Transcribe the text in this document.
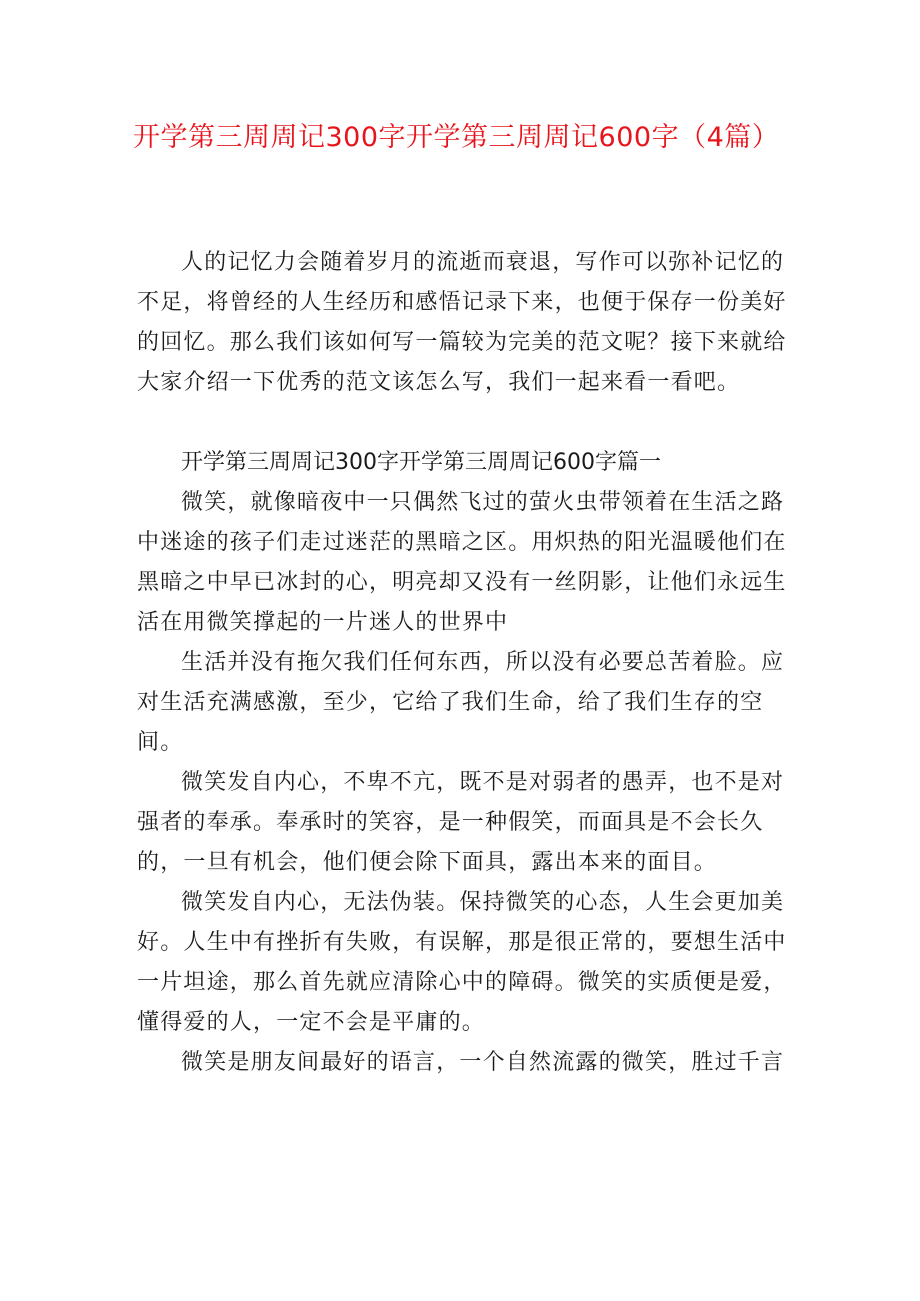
开学第三周周记300字开学第三周周记600字（4篇）

人的记忆力会随着岁月的流逝而衰退，写作可以弥补记忆的不足，将曾经的人生经历和感悟记录下来，也便于保存一份美好的回忆。那么我们该如何写一篇较为完美的范文呢？接下来就给大家介绍一下优秀的范文该怎么写，我们一起来看一看吧。

开学第三周周记300字开学第三周周记600字篇一

微笑，就像暗夜中一只偶然飞过的萤火虫带领着在生活之路中迷途的孩子们走过迷茫的黑暗之区。用炽热的阳光温暖他们在黑暗之中早已冰封的心，明亮却又没有一丝阴影，让他们永远生活在用微笑撑起的一片迷人的世界中

生活并没有拖欠我们任何东西，所以没有必要总苦着脸。应对生活充满感激，至少，它给了我们生命，给了我们生存的空间。

微笑发自内心，不卑不亢，既不是对弱者的愚弄，也不是对强者的奉承。奉承时的笑容，是一种假笑，而面具是不会长久的，一旦有机会，他们便会除下面具，露出本来的面目。

微笑发自内心，无法伪装。保持微笑的心态，人生会更加美好。人生中有挫折有失败，有误解，那是很正常的，要想生活中一片坦途，那么首先就应清除心中的障碍。微笑的实质便是爱，懂得爱的人，一定不会是平庸的。

微笑是朋友间最好的语言，一个自然流露的微笑，胜过千言
